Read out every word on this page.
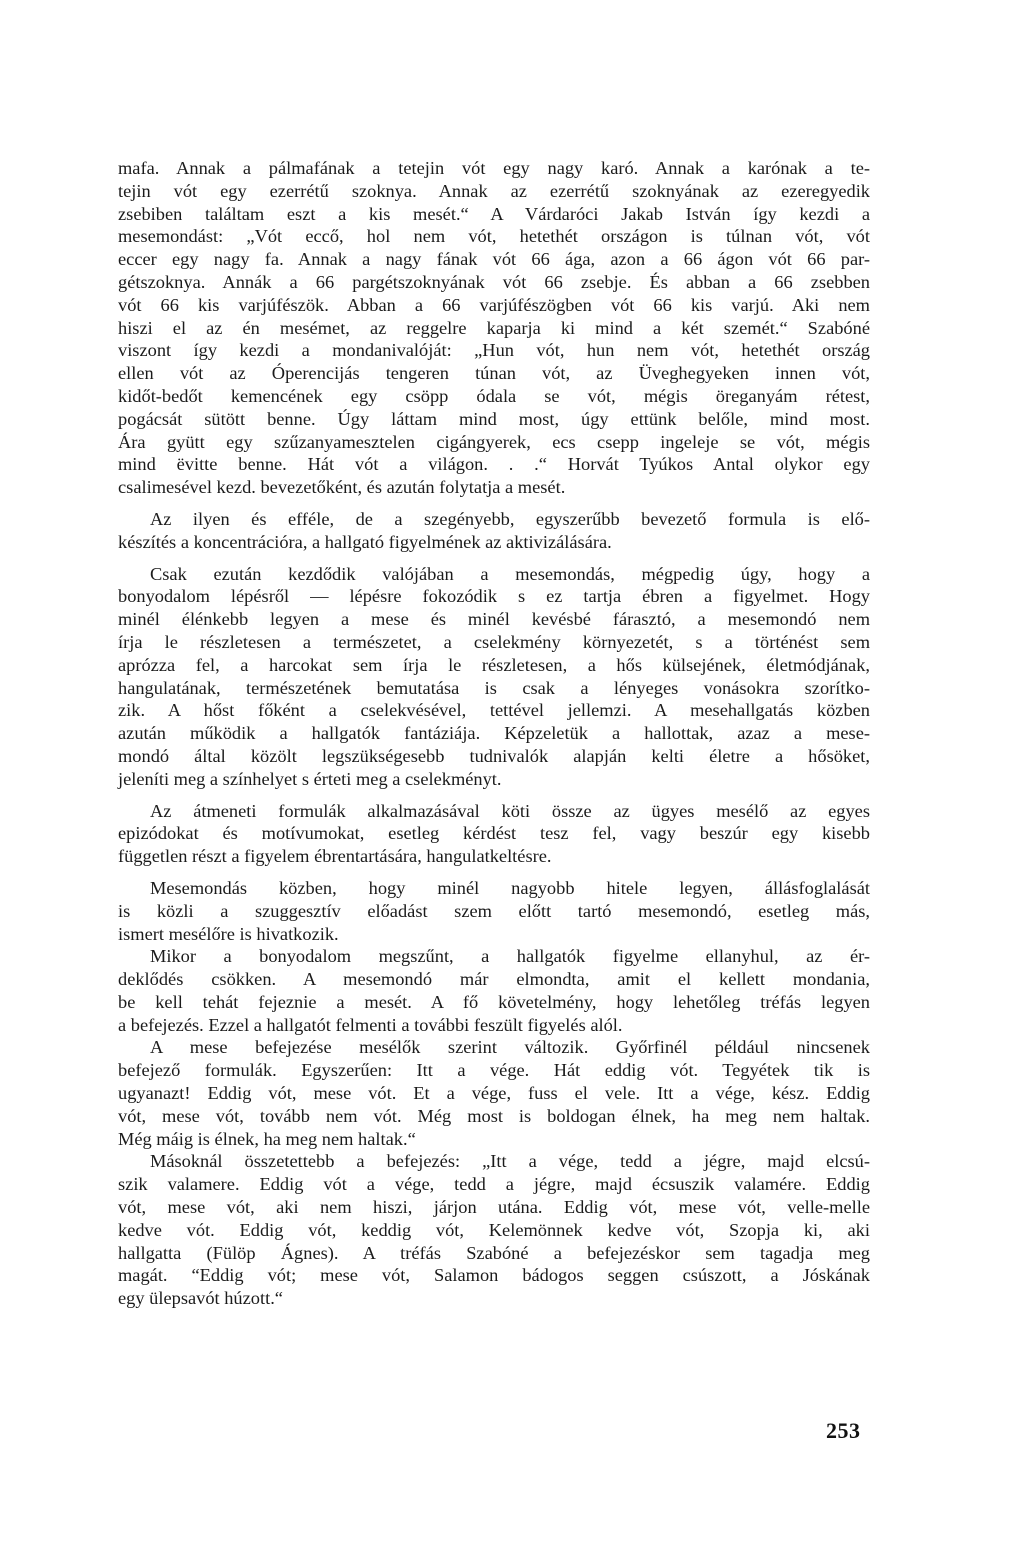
mafa. Annak a pálmafának a tetejin vót egy nagy karó. Annak a karónak a te-
tejin vót egy ezerrétű szoknya. Annak az ezerrétű szoknyának az ezeregyedik
zsebiben találtam eszt a kis mesét.“ A Várdaróci Jakab István így kezdi a
mesemondást: „Vót eccő, hol nem vót, hetethét országon is túlnan vót, vót
eccer egy nagy fa. Annak a nagy fának vót 66 ága, azon a 66 ágon vót 66 par-
gétszoknya. Annák a 66 pargétszoknyának vót 66 zsebje. És abban a 66 zsebben
vót 66 kis varjúfészök. Abban a 66 varjúfészögben vót 66 kis varjú. Aki nem
hiszi el az én mesémet, az reggelre kaparja ki mind a két szemét.“ Szabóné
viszont így kezdi a mondanivalóját: „Hun vót, hun nem vót, hetethét ország
ellen vót az Óperencijás tengeren túnan vót, az Üveghegyeken innen vót,
kidőt-bedőt kemencének egy csöpp ódala se vót, mégis öreganyám rétest,
pogácsát sütött benne. Úgy láttam mind most, úgy ettünk belőle, mind most.
Ára gyütt egy szűzanyamesztelen cigángyerek, ecs csepp ingeleje se vót, mégis
mind ëvitte benne. Hát vót a világon. . .“ Horvát Tyúkos Antal olykor egy
csalimesével kezd. bevezetőként, és azután folytatja a mesét.
Az ilyen és efféle, de a szegényebb, egyszerűbb bevezető formula is elő-
készítés a koncentrációra, a hallgató figyelmének az aktivizálására.
Csak ezután kezdődik valójában a mesemondás, mégpedig úgy, hogy a
bonyodalom lépésről — lépésre fokozódik s ez tartja ébren a figyelmet. Hogy
minél élénkebb legyen a mese és minél kevésbé fárasztó, a mesemondó nem
írja le részletesen a természetet, a cselekmény környezetét, s a történést sem
aprózza fel, a harcokat sem írja le részletesen, a hős külsejének, életmódjának,
hangulatának, természetének bemutatása is csak a lényeges vonásokra szorítko-
zik. A hőst főként a cselekvésével, tettével jellemzi. A mesehallgatás közben
azután működik a hallgatók fantáziája. Képzeletük a hallottak, azaz a mese-
mondó által közölt legszükségesebb tudnivalók alapján kelti életre a hősöket,
jeleníti meg a színhelyet s érteti meg a cselekményt.
Az átmeneti formulák alkalmazásával köti össze az ügyes mesélő az egyes
epizódokat és motívumokat, esetleg kérdést tesz fel, vagy beszúr egy kisebb
független részt a figyelem ébrentartására, hangulatkeltésre.
Mesemondás közben, hogy minél nagyobb hitele legyen, állásfoglalását
is közli a szuggesztív előadást szem előtt tartó mesemondó, esetleg más,
ismert mesélőre is hivatkozik.
Mikor a bonyodalom megszűnt, a hallgatók figyelme ellanyhul, az ér-
deklődés csökken. A mesemondó már elmondta, amit el kellett mondania,
be kell tehát fejeznie a mesét. A fő követelmény, hogy lehetőleg tréfás legyen
a befejezés. Ezzel a hallgatót felmenti a további feszült figyelés alól.
A mese befejezése mesélők szerint változik. Győrfinél például nincsenek
befejező formulák. Egyszerűen: Itt a vége. Hát eddig vót. Tegyétek tik is
ugyanazt! Eddig vót, mese vót. Et a vége, fuss el vele. Itt a vége, kész. Eddig
vót, mese vót, tovább nem vót. Még most is boldogan élnek, ha meg nem haltak.
Még máig is élnek, ha meg nem haltak.“
Másoknál összetettebb a befejezés: „Itt a vége, tedd a jégre, majd elcsú-
szik valamere. Eddig vót a vége, tedd a jégre, majd écsuszik valamére. Eddig
vót, mese vót, aki nem hiszi, járjon utána. Eddig vót, mese vót, velle-melle
kedve vót. Eddig vót, keddig vót, Kelemönnek kedve vót, Szopja ki, aki
hallgatta (Fülöp Ágnes). A tréfás Szabóné a befejezéskor sem tagadja meg
magát. “Eddig vót; mese vót, Salamon bádogos seggen csúszott, a Jóskának
egy ülepsavót húzott.“
253
